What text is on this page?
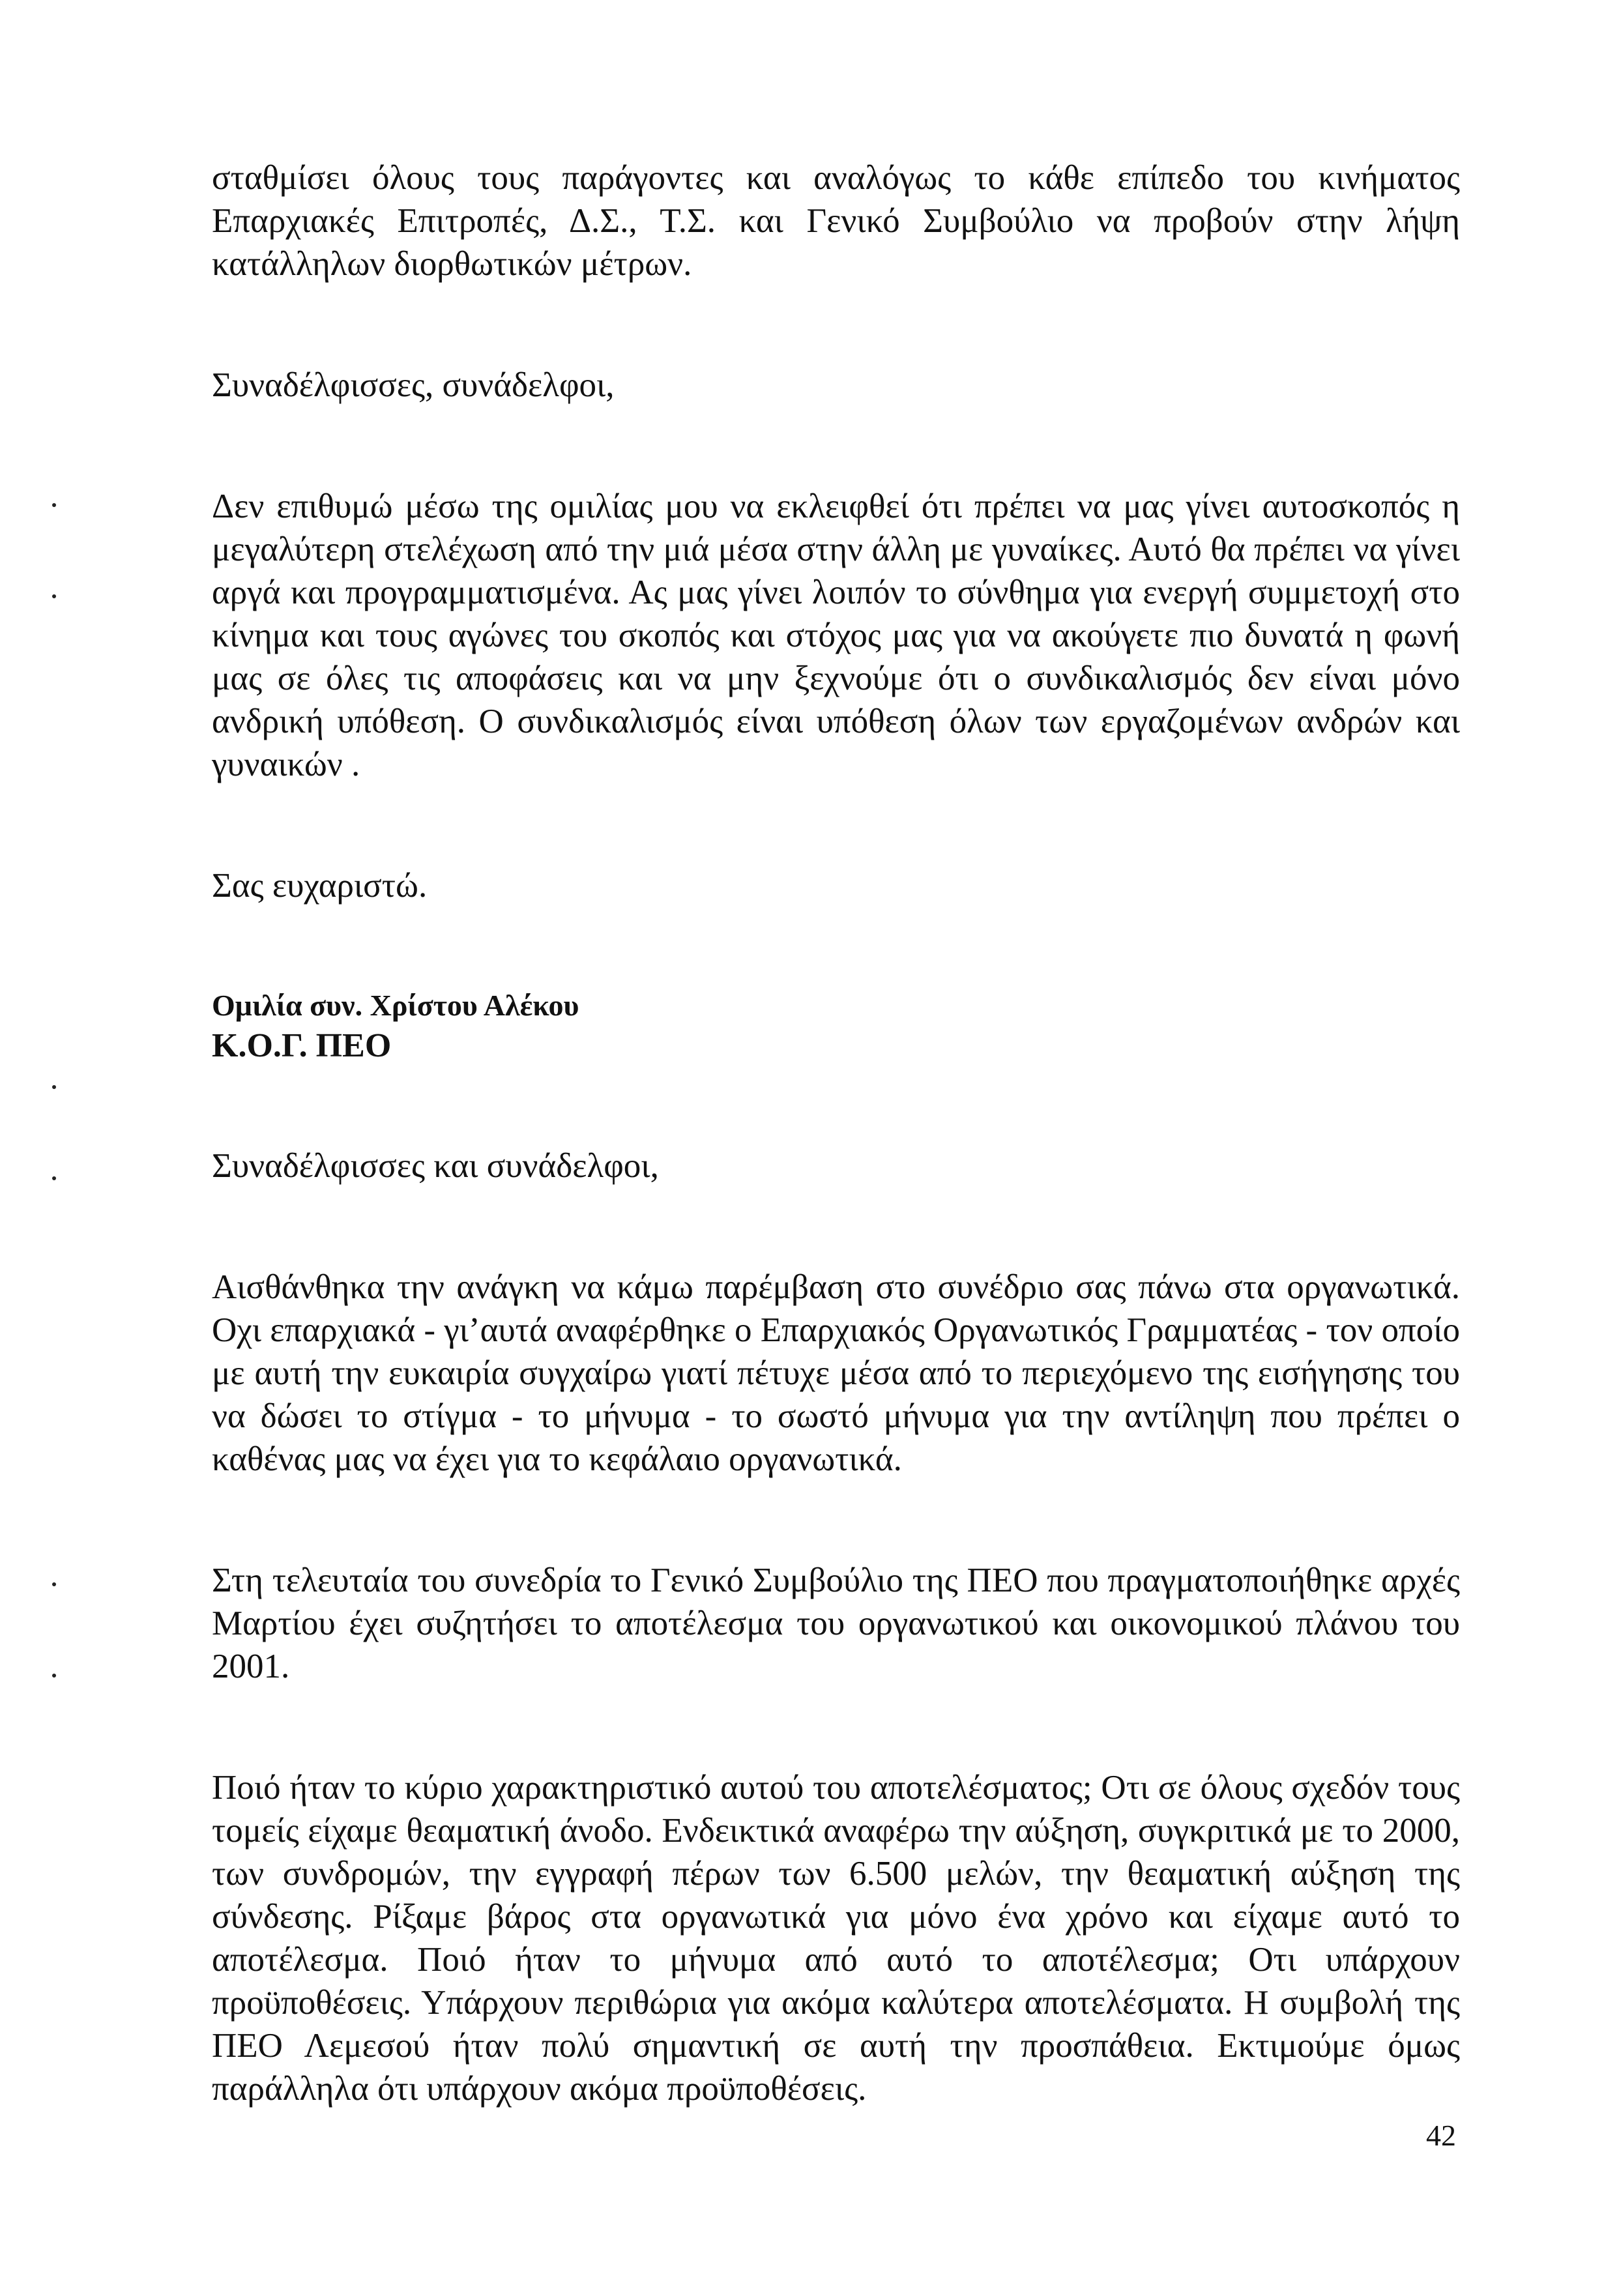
σταθμίσει όλους τους παράγοντες και αναλόγως το κάθε επίπεδο του κινήματος Επαρχιακές Επιτροπές, Δ.Σ., Τ.Σ. και Γενικό Συμβούλιο να προβούν στην λήψη κατάλληλων διορθωτικών μέτρων.

Συναδέλφισσες, συνάδελφοι,

Δεν επιθυμώ μέσω της ομιλίας μου να εκλειφθεί ότι πρέπει να μας γίνει αυτοσκοπός η μεγαλύτερη στελέχωση από την μιά μέσα στην άλλη με γυναίκες. Αυτό θα πρέπει να γίνει αργά και προγραμματισμένα. Ας μας γίνει λοιπόν το σύνθημα για ενεργή συμμετοχή στο κίνημα και τους αγώνες του σκοπός και στόχος μας για να ακούγετε πιο δυνατά η φωνή μας σε όλες τις αποφάσεις και να μην ξεχνούμε ότι ο συνδικαλισμός δεν είναι μόνο ανδρική υπόθεση. Ο συνδικαλισμός είναι υπόθεση όλων των εργαζομένων ανδρών και γυναικών .

Σας ευχαριστώ.

Ομιλία συν. Χρίστου Αλέκου
Κ.Ο.Γ. ΠΕΟ

Συναδέλφισσες και συνάδελφοι,

Αισθάνθηκα την ανάγκη να κάμω παρέμβαση στο συνέδριο σας πάνω στα οργανωτικά. Οχι επαρχιακά - γι’αυτά αναφέρθηκε ο Επαρχιακός Οργανωτικός Γραμματέας - τον οποίο με αυτή την ευκαιρία συγχαίρω γιατί πέτυχε μέσα από το περιεχόμενο της εισήγησης του να δώσει το στίγμα - το μήνυμα - το σωστό μήνυμα για την αντίληψη που πρέπει ο καθένας μας να έχει για το κεφάλαιο οργανωτικά.

Στη τελευταία του συνεδρία το Γενικό Συμβούλιο της ΠΕΟ που πραγματοποιήθηκε αρχές Μαρτίου έχει συζητήσει το αποτέλεσμα του οργανωτικού και οικονομικού πλάνου του 2001.

Ποιό ήταν το κύριο χαρακτηριστικό αυτού του αποτελέσματος; Οτι σε όλους σχεδόν τους τομείς είχαμε θεαματική άνοδο. Ενδεικτικά αναφέρω την αύξηση, συγκριτικά με το 2000, των συνδρομών, την εγγραφή πέρων των 6.500 μελών, την θεαματική αύξηση της σύνδεσης. Ρίξαμε βάρος στα οργανωτικά για μόνο ένα χρόνο και είχαμε αυτό το αποτέλεσμα. Ποιό ήταν το μήνυμα από αυτό το αποτέλεσμα; Οτι υπάρχουν προϋποθέσεις. Υπάρχουν περιθώρια για ακόμα καλύτερα αποτελέσματα. Η συμβολή της ΠΕΟ Λεμεσού ήταν πολύ σημαντική σε αυτή την προσπάθεια. Εκτιμούμε όμως παράλληλα ότι υπάρχουν ακόμα προϋποθέσεις.

42
